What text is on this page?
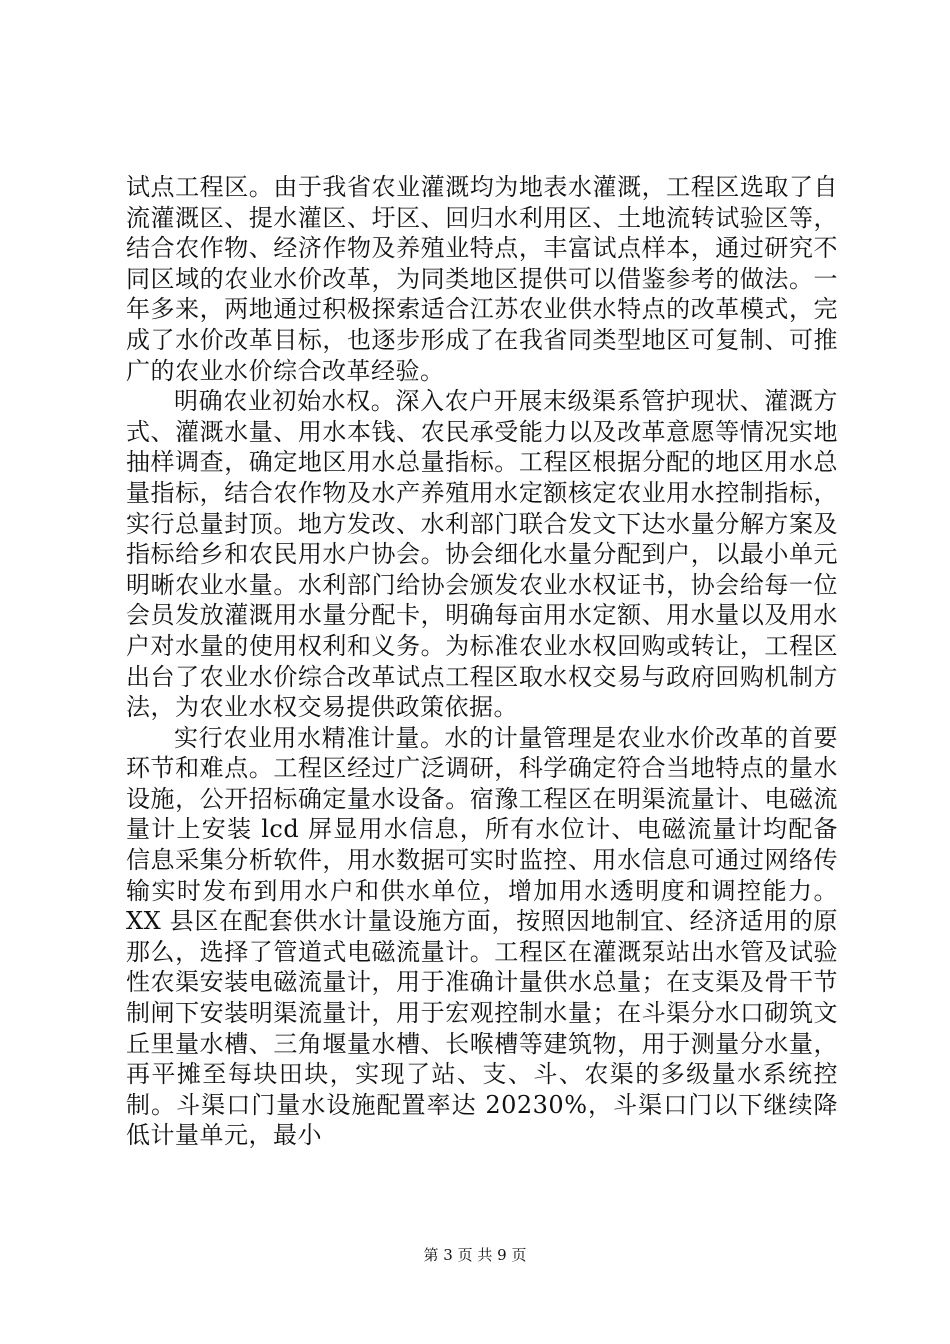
试点工程区。由于我省农业灌溉均为地表水灌溉，工程区选取了自流灌溉区、提水灌区、圩区、回归水利用区、土地流转试验区等，结合农作物、经济作物及养殖业特点，丰富试点样本，通过研究不同区域的农业水价改革，为同类地区提供可以借鉴参考的做法。一年多来，两地通过积极探索适合江苏农业供水特点的改革模式，完成了水价改革目标，也逐步形成了在我省同类型地区可复制、可推广的农业水价综合改革经验。

明确农业初始水权。深入农户开展末级渠系管护现状、灌溉方式、灌溉水量、用水本钱、农民承受能力以及改革意愿等情况实地抽样调查，确定地区用水总量指标。工程区根据分配的地区用水总量指标，结合农作物及水产养殖用水定额核定农业用水控制指标，实行总量封顶。地方发改、水利部门联合发文下达水量分解方案及指标给乡和农民用水户协会。协会细化水量分配到户，以最小单元明晰农业水量。水利部门给协会颁发农业水权证书，协会给每一位会员发放灌溉用水量分配卡，明确每亩用水定额、用水量以及用水户对水量的使用权利和义务。为标准农业水权回购或转让，工程区出台了农业水价综合改革试点工程区取水权交易与政府回购机制方法，为农业水权交易提供政策依据。

实行农业用水精准计量。水的计量管理是农业水价改革的首要环节和难点。工程区经过广泛调研，科学确定符合当地特点的量水设施，公开招标确定量水设备。宿豫工程区在明渠流量计、电磁流量计上安装 lcd 屏显用水信息，所有水位计、电磁流量计均配备信息采集分析软件，用水数据可实时监控、用水信息可通过网络传输实时发布到用水户和供水单位，增加用水透明度和调控能力。XX 县区在配套供水计量设施方面，按照因地制宜、经济适用的原那么，选择了管道式电磁流量计。工程区在灌溉泵站出水管及试验性农渠安装电磁流量计，用于准确计量供水总量；在支渠及骨干节制闸下安装明渠流量计，用于宏观控制水量；在斗渠分水口砌筑文丘里量水槽、三角堰量水槽、长喉槽等建筑物，用于测量分水量，再平摊至每块田块，实现了站、支、斗、农渠的多级量水系统控制。斗渠口门量水设施配置率达 20230%，斗渠口门以下继续降低计量单元，最小

第 3 页 共 9 页
